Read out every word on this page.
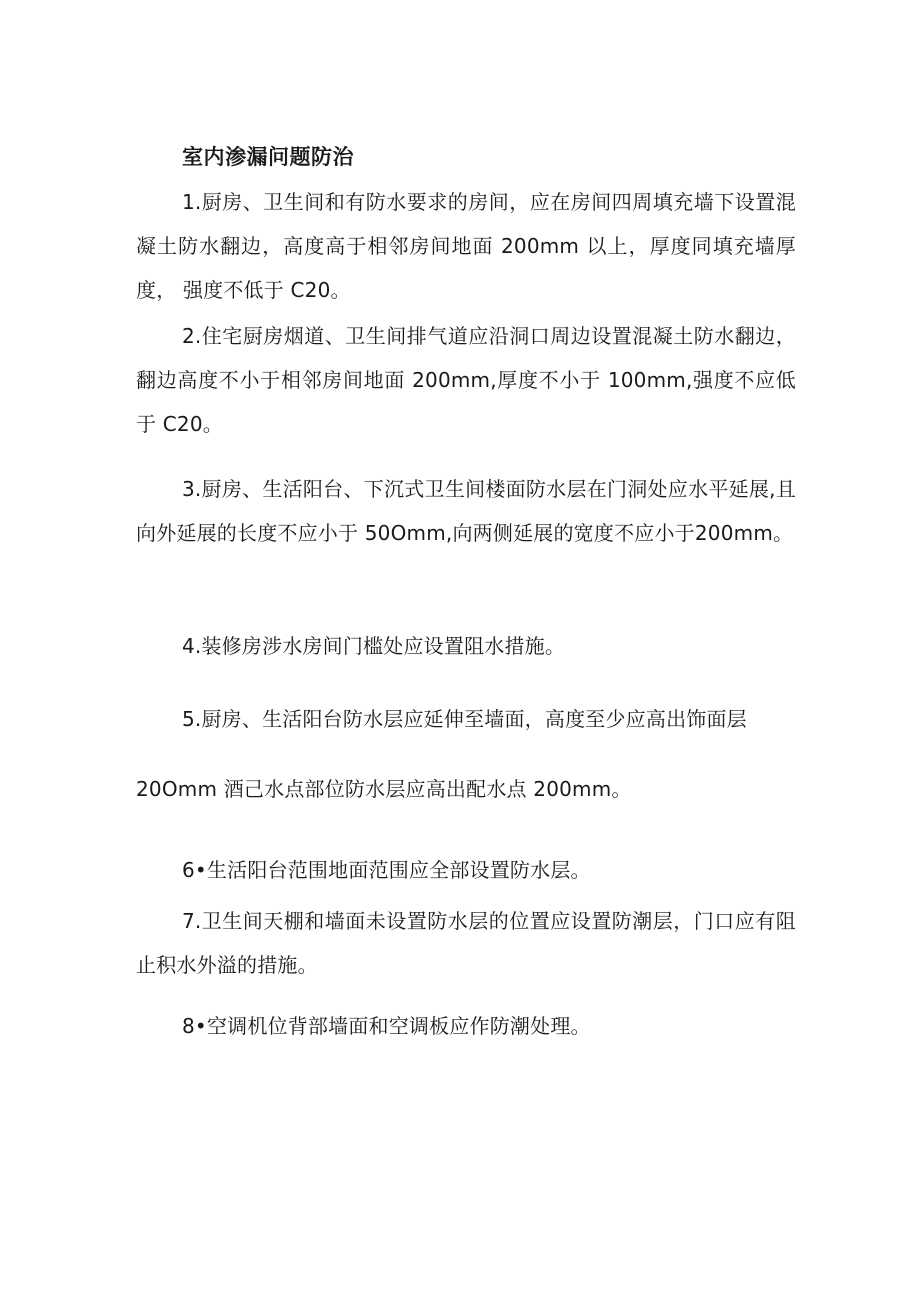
室内渗漏问题防治

1.厨房、卫生间和有防水要求的房间，应在房间四周填充墙下设置混凝土防水翻边，高度高于相邻房间地面 200mm 以上，厚度同填充墙厚度， 强度不低于 C20。

2.住宅厨房烟道、卫生间排气道应沿洞口周边设置混凝土防水翻边，翻边高度不小于相邻房间地面 200mm,厚度不小于 100mm,强度不应低于 C20。

3.厨房、生活阳台、下沉式卫生间楼面防水层在门洞处应水平延展,且向外延展的长度不应小于 50Omm,向两侧延展的宽度不应小于200mm。

4.装修房涉水房间门槛处应设置阻水措施。

5.厨房、生活阳台防水层应延伸至墙面，高度至少应高出饰面层

20Omm 酒己水点部位防水层应高出配水点 200mm。

6•生活阳台范围地面范围应全部设置防水层。

7.卫生间天棚和墙面未设置防水层的位置应设置防潮层，门口应有阻止积水外溢的措施。

8•空调机位背部墙面和空调板应作防潮处理。
